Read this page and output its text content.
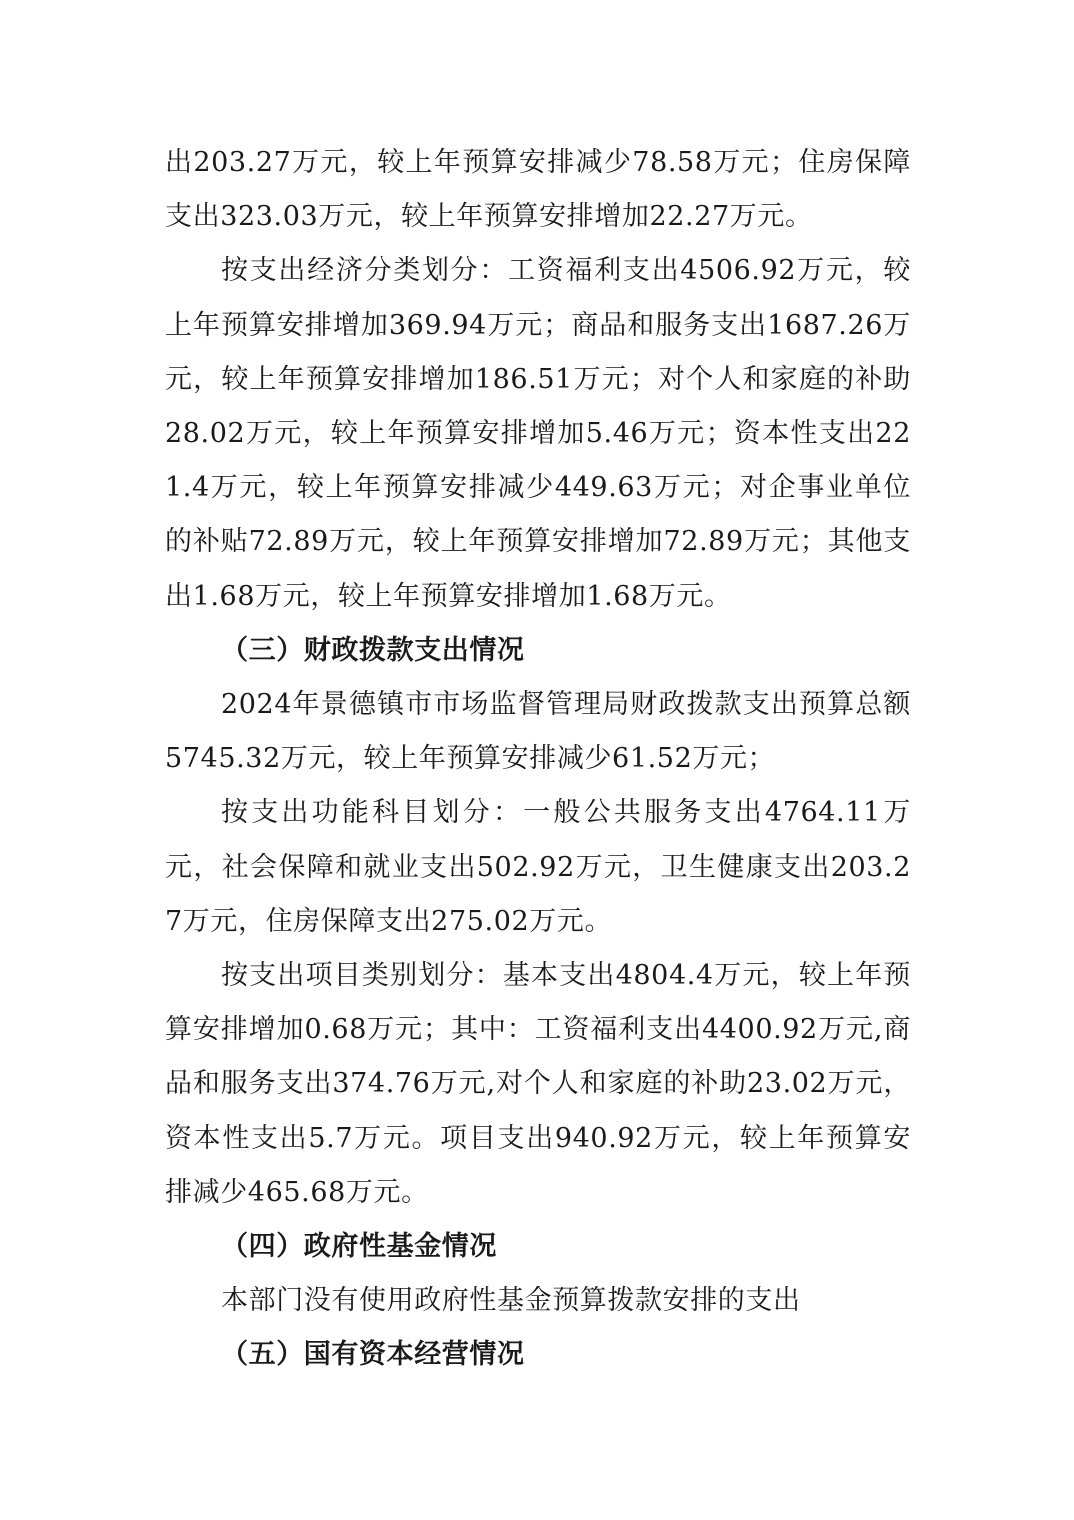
出203.27万元，较上年预算安排减少78.58万元；住房保障支出323.03万元，较上年预算安排增加22.27万元。

按支出经济分类划分：工资福利支出4506.92万元，较上年预算安排增加369.94万元；商品和服务支出1687.26万元，较上年预算安排增加186.51万元；对个人和家庭的补助28.02万元，较上年预算安排增加5.46万元；资本性支出221.4万元，较上年预算安排减少449.63万元；对企事业单位的补贴72.89万元，较上年预算安排增加72.89万元；其他支出1.68万元，较上年预算安排增加1.68万元。

（三）财政拨款支出情况

2024年景德镇市市场监督管理局财政拨款支出预算总额5745.32万元，较上年预算安排减少61.52万元；

按支出功能科目划分：一般公共服务支出4764.11万元，社会保障和就业支出502.92万元，卫生健康支出203.27万元，住房保障支出275.02万元。

按支出项目类别划分：基本支出4804.4万元，较上年预算安排增加0.68万元；其中：工资福利支出4400.92万元,商品和服务支出374.76万元,对个人和家庭的补助23.02万元，资本性支出5.7万元。项目支出940.92万元，较上年预算安排减少465.68万元。

（四）政府性基金情况

本部门没有使用政府性基金预算拨款安排的支出

（五）国有资本经营情况
